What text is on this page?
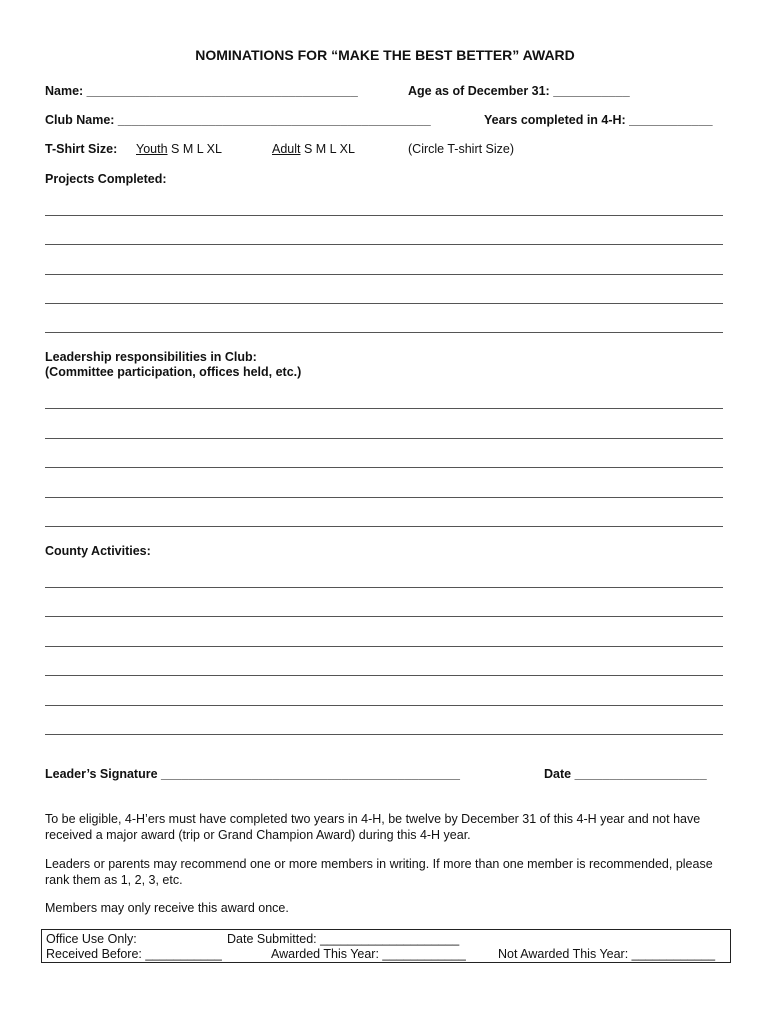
NOMINATIONS FOR “MAKE THE BEST BETTER” AWARD
Name: _______________________________________	Age as of December 31: ___________
Club Name: _____________________________________________	Years completed in 4-H: ____________
T-Shirt Size: Youth S M L XL	Adult S M L XL	(Circle T-shirt Size)
Projects Completed:
Leadership responsibilities in Club:
(Committee participation, offices held, etc.)
County Activities:
Leader’s Signature ___________________________________________	Date ___________________
To be eligible, 4-H’ers must have completed two years in 4-H, be twelve by December 31 of this 4-H year and not have received a major award (trip or Grand Champion Award) during this 4-H year.
Leaders or parents may recommend one or more members in writing. If more than one member is recommended, please rank them as 1, 2, 3, etc.
Members may only receive this award once.
Office Use Only:	Date Submitted: ____________________
Received Before: ___________	Awarded This Year: ____________	Not Awarded This Year: ____________
